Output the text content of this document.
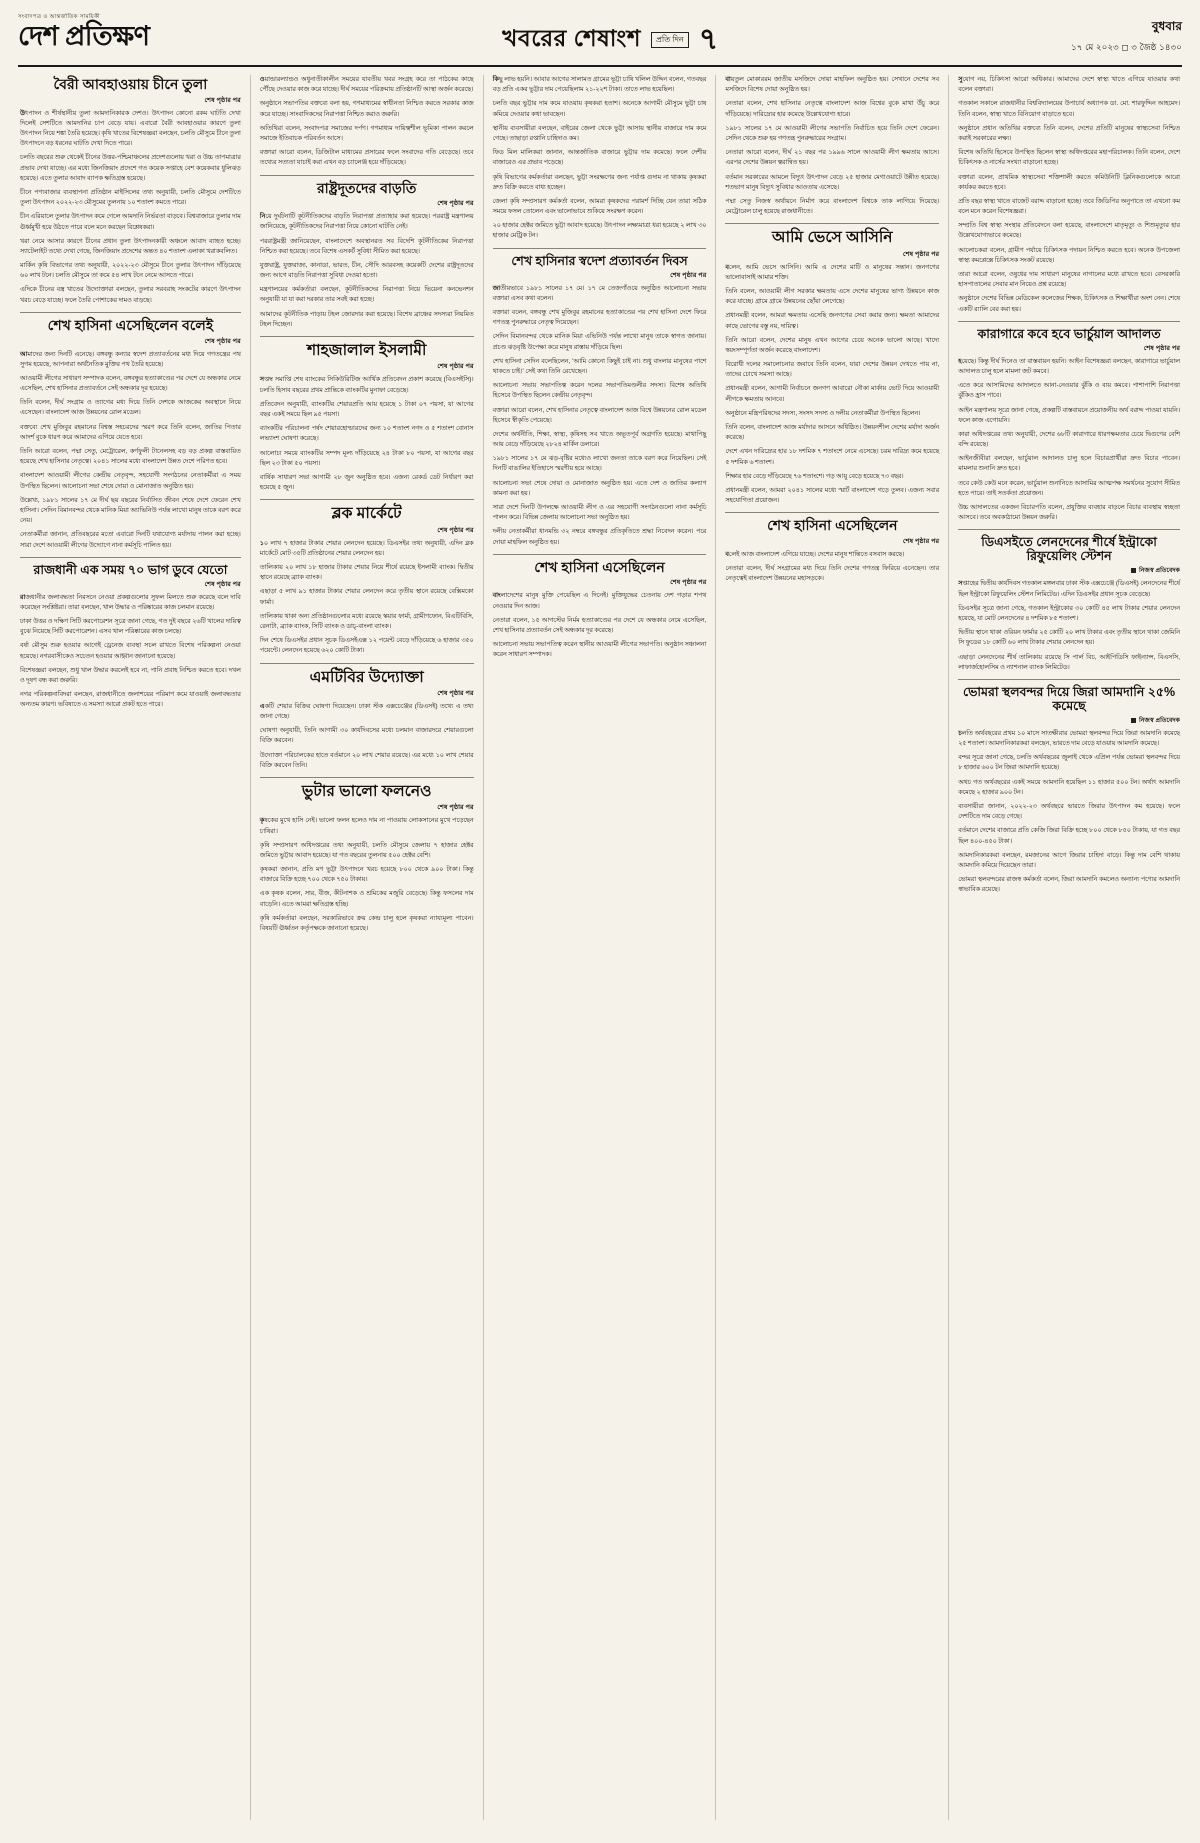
সংবাদপত্র ও আন্তর্জাতিক সাময়িকী
দেশ প্রতিক্ষণ	খবরের শেষাংশ	প্রতি দিন ৭	বুধবার
১৭ মে ২০২৩ ◻ ৩ জৈষ্ঠ ১৪৩০
বৈরী আবহাওয়ায় চীনে তুলা
শেষ পৃষ্ঠার পর

উৎপাদন ও শীর্ষস্থানীয় তুলা আমদানিকারক দেশও। উৎপাদন কোনো রকম ঘাটতি দেখা দিলেই সেশটিতে আমদানির চাপ বেড়ে যায়। এবারো বৈরী আবহাওয়ার কারণে তুলা উৎপাদন নিয়ে শঙ্কা তৈরি হয়েছে। কৃষি খাতের বিশেষজ্ঞরা বলছেন, চলতি মৌসুমে চীনে তুলা উৎপাদনে বড় ধরনের ঘাটতি দেখা দিতে পারে।

চলতি বছরের শুরু থেকেই চীনের উত্তর-পশ্চিমাঞ্চলের প্রদেশগুলোয় খরা ও উচ্চ তাপমাত্রার প্রভাব দেখা যাচ্ছে। এর মধ্যে জিনজিয়াং প্রদেশে গত কয়েক সপ্তাহে বেশ কয়েকবার ধুলিঝড় হয়েছে। এতে তুলার আবাদ ব্যাপক ক্ষতিগ্রস্ত হয়েছে।

চীনে পণ্যবাজার ব্যবস্থাপনা প্রতিষ্ঠান মাইসিলের তথ্য অনুযায়ী, চলতি মৌসুমে দেশটিতে তুলা উৎপাদন ২০২২-২৩ মৌসুমের তুলনায় ১০ শতাংশ কমতে পারে।

চীন এরিয়ালে তুলার উৎপাদন কমে গেলে আমদানি নির্ভরতা বাড়বে। বিশ্ববাজারে তুলার দাম ঊর্ধ্বমুখী হয়ে উঠতে পারে বলে মনে করছেন বিশ্লেষকরা।

খরা নেমে আসার কারণে চীনের প্রধান তুলা উৎপাদনকারী অঞ্চলে আবাদ ব্যাহত হচ্ছে। স্যাটেলাইট তথ্যে দেখা গেছে, জিনজিয়াং প্রদেশের অন্তত ৪০ শতাংশ এলাকা খরাকবলিত।

মার্কিন কৃষি বিভাগের তথ্য অনুযায়ী, ২০২২-২৩ মৌসুমে চীনে তুলার উৎপাদন দাঁড়িয়েছে ৬০ লাখ টনে। চলতি মৌসুমে তা কমে ৫৪ লাখ টনে নেমে আসতে পারে।

এদিকে চীনের বস্ত্র খাতের উদ্যোক্তারা বলছেন, তুলার সরবরাহ সংকটের কারণে উৎপাদন খরচ বেড়ে যাচ্ছে। ফলে তৈরি পোশাকের দামও বাড়ছে।

শেখ হাসিনা এসেছিলেন বলেই
শেষ পৃষ্ঠার পর

আমাদের জন্য দিনটি এনেছে। বঙ্গবন্ধু কন্যার স্বদেশ প্রত্যাবর্তনের মধ্য দিয়ে গণতন্ত্রের পথ সুগম হয়েছে, আপনারা অর্থনৈতিক মুক্তির পথ তৈরি হয়েছে।

আওয়ামী লীগের সাধারণ সম্পাদক বলেন, বঙ্গবন্ধুর হত্যাকাণ্ডের পর দেশে যে অন্ধকার নেমে এসেছিল, শেখ হাসিনার প্রত্যাবর্তনে সেই অন্ধকার দূর হয়েছে।

তিনি বলেন, দীর্ঘ সংগ্রাম ও ত্যাগের মধ্য দিয়ে তিনি দেশকে আজকের অবস্থানে নিয়ে এসেছেন। বাংলাদেশ আজ উন্নয়নের রোল মডেল।

বক্তব্যে শেখ মুজিবুর রহমানের বিশ্বস্ত সহচরদের স্মরণ করে তিনি বলেন, জাতির পিতার আদর্শ বুকে ধারণ করে আমাদের এগিয়ে যেতে হবে।

তিনি আরো বলেন, পদ্মা সেতু, মেট্রোরেল, কর্ণফুলী টানেলসহ বড় বড় প্রকল্প বাস্তবায়িত হয়েছে শেখ হাসিনার নেতৃত্বে। ২০৪১ সালের মধ্যে বাংলাদেশ উন্নত দেশে পরিণত হবে।

বাংলাদেশ আওয়ামী লীগের কেন্দ্রীয় নেতৃবৃন্দ, সহযোগী সংগঠনের নেতাকর্মীরা এ সময় উপস্থিত ছিলেন। আলোচনা সভা শেষে দোয়া ও মোনাজাত অনুষ্ঠিত হয়।

উল্লেখ্য, ১৯৮১ সালের ১৭ মে দীর্ঘ ছয় বছরের নির্বাসিত জীবন শেষে দেশে ফেরেন শেখ হাসিনা। সেদিন বিমানবন্দর থেকে মানিক মিয়া অ্যাভিনিউ পর্যন্ত লাখো মানুষ তাকে বরণ করে নেয়।

নেতাকর্মীরা জানান, প্রতিবছরের মতো এবারো দিনটি যথাযোগ্য মর্যাদায় পালন করা হচ্ছে। সারা দেশে আওয়ামী লীগের উদ্যোগে নানা কর্মসূচি পালিত হয়।

রাজধানী এক সময় ৭০ ভাগ ডুবে যেতো
শেষ পৃষ্ঠার পর

রাজধানীর জলাবদ্ধতা নিরসনে নেওয়া প্রকল্পগুলোর সুফল মিলতে শুরু করেছে বলে দাবি করেছেন সংশ্লিষ্টরা। তারা বলছেন, খাল উদ্ধার ও পরিষ্কারের কাজ চলমান রয়েছে।

ঢাকা উত্তর ও দক্ষিণ সিটি করপোরেশন সূত্রে জানা গেছে, গত দুই বছরে ২৬টি খালের দায়িত্ব বুঝে নিয়েছে সিটি করপোরেশন। এসব খাল পরিষ্কারের কাজ চলছে।

বর্ষা মৌসুম শুরু হওয়ার আগেই ড্রেনেজ ব্যবস্থা সচল রাখতে বিশেষ পরিকল্পনা নেওয়া হয়েছে। নগরবাসীকেও সচেতন হওয়ার আহ্বান জানানো হয়েছে।

বিশেষজ্ঞরা বলছেন, শুধু খাল উদ্ধার করলেই হবে না, পানি প্রবাহ নিশ্চিত করতে হবে। দখল ও দূষণ বন্ধ করা জরুরি।

নগর পরিকল্পনাবিদরা বলছেন, রাজধানীতে জলাশয়ের পরিমাণ কমে যাওয়াই জলাবদ্ধতার অন্যতম কারণ। ভবিষ্যতে এ সমস্যা আরো প্রকট হতে পারে।

ওয়ান্ডারল্যান্ডও অধুনাতীকালীন সময়ের যাবতীয় খবর সংগ্রহ করে তা পাঠকের কাছে পৌঁছে দেওয়ার কাজ করে যাচ্ছে। দীর্ঘ সময়ের পরিক্রমায় প্রতিষ্ঠানটি আস্থা অর্জন করেছে।

অনুষ্ঠানে সভাপতির বক্তব্যে বলা হয়, গণমাধ্যমের স্বাধীনতা নিশ্চিত করতে সরকার কাজ করে যাচ্ছে। সাংবাদিকদের নিরাপত্তা নিশ্চিত করাও জরুরি।

অতিথিরা বলেন, সংবাদপত্র সমাজের দর্পণ। গণমাধ্যম দায়িত্বশীল ভূমিকা পালন করলে সমাজে ইতিবাচক পরিবর্তন আসে।

বক্তারা আরো বলেন, ডিজিটাল মাধ্যমের প্রসারের ফলে সংবাদের গতি বেড়েছে। তবে তথ্যের সত্যতা যাচাই করা এখন বড় চ্যালেঞ্জ হয়ে দাঁড়িয়েছে।

রাষ্ট্রদূতদের বাড়তি
শেষ পৃষ্ঠার পর

নিয়ে দুর্ঘটনাটি কূটনীতিকদের বাড়তি নিরাপত্তা প্রত্যাহার করা হয়েছে। পররাষ্ট্র মন্ত্রণালয় জানিয়েছে, কূটনীতিকদের নিরাপত্তা নিয়ে কোনো ঘাটতি নেই।

পররাষ্ট্রমন্ত্রী জানিয়েছেন, বাংলাদেশে অবস্থানরত সব বিদেশি কূটনীতিকের নিরাপত্তা নিশ্চিত করা হয়েছে। তবে বিশেষ এসকর্ট সুবিধা সীমিত করা হয়েছে।

যুক্তরাষ্ট্র, যুক্তরাজ্য, কানাডা, ভারত, চীন, সৌদি আরবসহ কয়েকটি দেশের রাষ্ট্রদূতদের জন্য আগে বাড়তি নিরাপত্তা সুবিধা দেওয়া হতো।

মন্ত্রণালয়ের কর্মকর্তারা বলছেন, কূটনীতিকদের নিরাপত্তা নিয়ে ভিয়েনা কনভেনশন অনুযায়ী যা যা করা দরকার তার সবই করা হচ্ছে।

আমাদের কূটনীতিক পাড়ায় টহল জোরদার করা হয়েছে। বিশেষ ব্রাঞ্চের সদস্যরা নিয়মিত টহল দিচ্ছেন।

শাহজালাল ইসলামী
শেষ পৃষ্ঠার পর

সপ্তম্ব সমাপ্তি শেষ ব্যাংকের সিকিউরিটিজ আর্থিক প্রতিবেদন প্রকাশ করেছে (বিএসইসি)। চলতি হিসাব বছরের প্রথম প্রান্তিকে ব্যাংকটির মুনাফা বেড়েছে।

প্রতিবেদন অনুযায়ী, ব্যাংকটির শেয়ারপ্রতি আয় হয়েছে ১ টাকা ০৭ পয়সা, যা আগের বছর একই সময়ে ছিল ৯৫ পয়সা।

ব্যাংকটির পরিচালনা পর্ষদ শেয়ারহোল্ডারদের জন্য ১০ শতাংশ নগদ ও ৫ শতাংশ বোনাস লভ্যাংশ ঘোষণা করেছে।

আলোচ্য সময়ে ব্যাংকটির সম্পদ মূল্য দাঁড়িয়েছে ২৪ টাকা ৮০ পয়সা, যা আগের বছর ছিল ২৩ টাকা ৫০ পয়সা।

বার্ষিক সাধারণ সভা আগামী ২৮ জুন অনুষ্ঠিত হবে। এজন্য রেকর্ড ডেট নির্ধারণ করা হয়েছে ৫ জুন।

ব্লক মার্কেটে
শেষ পৃষ্ঠার পর

১০ লাখ ৭ হাজার টাকার শেয়ার লেনদেন হয়েছে। ডিএসইর তথ্য অনুযায়ী, এদিন ব্লক মার্কেটে মোট ৩৫টি প্রতিষ্ঠানের শেয়ার লেনদেন হয়।

তালিকায় ২০ লাখ ১৮ হাজার টাকার শেয়ার নিয়ে শীর্ষে রয়েছে ইসলামী ব্যাংক। দ্বিতীয় স্থানে রয়েছে ব্র্যাক ব্যাংক।

এছাড়া ৫ লাখ ৯১ হাজার টাকার শেয়ার লেনদেন করে তৃতীয় স্থানে রয়েছে বেক্সিমকো ফার্মা।

তালিকায় থাকা অন্য প্রতিষ্ঠানগুলোর মধ্যে রয়েছে স্কয়ার ফার্মা, গ্রামীণফোন, বিএটিবিসি, রেনাটা, ব্র্যাক ব্যাংক, সিটি ব্যাংক ও ডাচ্-বাংলা ব্যাংক।

দিন শেষে ডিএসইর প্রধান সূচক ডিএসইএক্স ১২ পয়েন্ট বেড়ে দাঁড়িয়েছে ৬ হাজার ৩৫০ পয়েন্টে। লেনদেন হয়েছে ৬২০ কোটি টাকা।

এমটিবির উদ্যোক্তা
শেষ পৃষ্ঠার পর

একটি শেয়ার বিক্রির ঘোষণা দিয়েছেন। ঢাকা স্টক এক্সচেঞ্জের (ডিএসই) তথ্যে এ তথ্য জানা গেছে।

ঘোষণা অনুযায়ী, তিনি আগামী ৩০ কার্যদিবসের মধ্যে চলমান বাজারদরে শেয়ারগুলো বিক্রি করবেন।

উদ্যোক্তা পরিচালকের হাতে বর্তমানে ২০ লাখ শেয়ার রয়েছে। এর মধ্যে ১০ লাখ শেয়ার বিক্রি করবেন তিনি।

ভুটার ভালো ফলনেও
শেষ পৃষ্ঠার পর

কৃষকের মুখে হাসি নেই। ভালো ফলন হলেও দাম না পাওয়ায় লোকসানের মুখে পড়েছেন চাষিরা।

কৃষি সম্প্রসারণ অধিদপ্তরের তথ্য অনুযায়ী, চলতি মৌসুমে জেলায় ৭ হাজার হেক্টর জমিতে ভুট্টার আবাদ হয়েছে। যা গত বছরের তুলনায় ৫০০ হেক্টর বেশি।

কৃষকরা জানান, প্রতি মণ ভুট্টা উৎপাদনে খরচ হয়েছে ৮০০ থেকে ৯০০ টাকা। কিন্তু বাজারে বিক্রি হচ্ছে ৭০০ থেকে ৭৫০ টাকায়।

এক কৃষক বলেন, সার, বীজ, কীটনাশক ও শ্রমিকের মজুরি বেড়েছে। কিন্তু ফসলের দাম বাড়েনি। এতে আমরা ক্ষতিগ্রস্ত হচ্ছি।

কৃষি কর্মকর্তারা বলছেন, সরকারিভাবে ক্রয় কেন্দ্র চালু হলে কৃষকরা ন্যায্যমূল্য পাবেন। বিষয়টি ঊর্ধ্বতন কর্তৃপক্ষকে জানানো হয়েছে।

কিছু লাভ হয়নি। আবার আগের সালামত গ্রামের ভূট্টা চাষি খলিল উদ্দিন বলেন, গতবছর বড় প্রতি একর ভুট্টার দাম পেয়েছিলাম ২১-২২শ টাকা। তাতে লাভ হয়েছিল।

চলতি বছর ভুট্টার দাম কমে যাওয়ায় কৃষকরা হতাশ। অনেকে আগামী মৌসুমে ভুট্টা চাষ কমিয়ে দেওয়ার কথা ভাবছেন।

স্থানীয় ব্যবসায়ীরা বলছেন, বাইরের জেলা থেকে ভুট্টা আসায় স্থানীয় বাজারে দাম কমে গেছে। তাছাড়া রপ্তানি চাহিদাও কম।

ফিড মিল মালিকরা জানান, আন্তর্জাতিক বাজারে ভুট্টার দাম কমেছে। ফলে দেশীয় বাজারেও এর প্রভাব পড়েছে।

কৃষি বিভাগের কর্মকর্তারা বলছেন, ভুট্টা সংরক্ষণের জন্য পর্যাপ্ত গুদাম না থাকায় কৃষকরা দ্রুত বিক্রি করতে বাধ্য হচ্ছেন।

জেলা কৃষি সম্প্রসারণ কর্মকর্তা বলেন, আমরা কৃষকদের পরামর্শ দিচ্ছি যেন তারা সঠিক সময়ে ফসল তোলেন এবং ভালোভাবে শুকিয়ে সংরক্ষণ করেন।

২০ হাজার হেক্টর জমিতে ভুট্টা আবাদ হয়েছে। উৎপাদন লক্ষ্যমাত্রা ধরা হয়েছে ২ লাখ ৩০ হাজার মেট্রিক টন।

শেখ হাসিনার স্বদেশ প্রত্যাবর্তন দিবস
শেষ পৃষ্ঠার পর

জাতীয়ভাবে ১৯৮১ সালের ১৭ মে। ১৭ মে তেজগাঁওয়ে অনুষ্ঠিত আলোচনা সভায় বক্তারা এসব কথা বলেন।

বক্তারা বলেন, বঙ্গবন্ধু শেখ মুজিবুর রহমানের হত্যাকাণ্ডের পর শেখ হাসিনা দেশে ফিরে গণতন্ত্র পুনরুদ্ধারে নেতৃত্ব দিয়েছেন।

সেদিন বিমানবন্দর থেকে মানিক মিয়া এভিনিউ পর্যন্ত লাখো মানুষ তাকে স্বাগত জানায়। প্রচণ্ড ঝড়বৃষ্টি উপেক্ষা করে মানুষ রাস্তায় দাঁড়িয়ে ছিল।

শেখ হাসিনা সেদিন বলেছিলেন, 'আমি কোনো কিছুই চাই না। শুধু বাংলার মানুষের পাশে থাকতে চাই।' সেই কথা তিনি রেখেছেন।

আলোচনা সভায় সভাপতিত্ব করেন দলের সভাপতিমণ্ডলীর সদস্য। বিশেষ অতিথি হিসেবে উপস্থিত ছিলেন কেন্দ্রীয় নেতৃবৃন্দ।

বক্তারা আরো বলেন, শেখ হাসিনার নেতৃত্বে বাংলাদেশ আজ বিশ্বে উন্নয়নের রোল মডেল হিসেবে স্বীকৃতি পেয়েছে।

দেশের অর্থনীতি, শিক্ষা, স্বাস্থ্য, কৃষিসহ সব খাতে অভূতপূর্ব অগ্রগতি হয়েছে। মাথাপিছু আয় বেড়ে দাঁড়িয়েছে ২৮২৪ মার্কিন ডলারে।

১৯৮১ সালের ১৭ মে ঝড়-বৃষ্টির মধ্যেও লাখো জনতা তাকে বরণ করে নিয়েছিল। সেই দিনটি বাঙালির ইতিহাসে স্মরণীয় হয়ে আছে।

আলোচনা সভা শেষে দোয়া ও মোনাজাত অনুষ্ঠিত হয়। এতে দেশ ও জাতির কল্যাণ কামনা করা হয়।

সারা দেশে দিনটি উপলক্ষে আওয়ামী লীগ ও এর সহযোগী সংগঠনগুলো নানা কর্মসূচি পালন করে। বিভিন্ন জেলায় আলোচনা সভা অনুষ্ঠিত হয়।

দলীয় নেতাকর্মীরা ধানমন্ডি ৩২ নম্বরে বঙ্গবন্ধুর প্রতিকৃতিতে শ্রদ্ধা নিবেদন করেন। পরে দোয়া মাহফিল অনুষ্ঠিত হয়।

শেখ হাসিনা এসেছিলেন
শেষ পৃষ্ঠার পর

বাংলাদেশের মানুষ মুক্তি পেয়েছিল এ দিনেই। মুক্তিযুদ্ধের চেতনায় দেশ গড়ার শপথ নেওয়ার দিন আজ।

নেতারা বলেন, ১৫ আগস্টের নির্মম হত্যাকাণ্ডের পর দেশে যে অন্ধকার নেমে এসেছিল, শেখ হাসিনার প্রত্যাবর্তন সেই অন্ধকার দূর করেছে।

আলোচনা সভায় সভাপতিত্ব করেন স্থানীয় আওয়ামী লীগের সভাপতি। অনুষ্ঠান সঞ্চালনা করেন সাধারণ সম্পাদক।

বায়তুল মোকাররম জাতীয় মসজিদে দোয়া মাহফিল অনুষ্ঠিত হয়। সেখানে দেশের সব মসজিদে বিশেষ দোয়া অনুষ্ঠিত হয়।

নেতারা বলেন, শেখ হাসিনার নেতৃত্বে বাংলাদেশ আজ বিশ্বের বুকে মাথা উঁচু করে দাঁড়িয়েছে। দারিদ্র্যের হার কমেছে উল্লেখযোগ্য হারে।

১৯৮১ সালের ১৭ মে আওয়ামী লীগের সভাপতি নির্বাচিত হয়ে তিনি দেশে ফেরেন। সেদিন থেকে শুরু হয় গণতন্ত্র পুনরুদ্ধারের সংগ্রাম।

নেতারা আরো বলেন, দীর্ঘ ২১ বছর পর ১৯৯৬ সালে আওয়ামী লীগ ক্ষমতায় আসে। এরপর দেশের উন্নয়ন ত্বরান্বিত হয়।

বর্তমান সরকারের আমলে বিদ্যুৎ উৎপাদন বেড়ে ২৫ হাজার মেগাওয়াটে উন্নীত হয়েছে। শতভাগ মানুষ বিদ্যুৎ সুবিধার আওতায় এসেছে।

পদ্মা সেতু নিজস্ব অর্থায়নে নির্মাণ করে বাংলাদেশ বিশ্বকে তাক লাগিয়ে দিয়েছে। মেট্রোরেল চালু হয়েছে রাজধানীতে।

আমি ভেসে আসিনি
শেষ পৃষ্ঠার পর

বলেন, আমি ভেসে আসিনি। আমি এ দেশের মাটি ও মানুষের সন্তান। জনগণের ভালোবাসাই আমার শক্তি।

তিনি বলেন, আওয়ামী লীগ সরকার ক্ষমতায় এসে দেশের মানুষের ভাগ্য উন্নয়নে কাজ করে যাচ্ছে। গ্রামে গ্রামে উন্নয়নের ছোঁয়া লেগেছে।

প্রধানমন্ত্রী বলেন, আমরা ক্ষমতায় এসেছি জনগণের সেবা করার জন্য। ক্ষমতা আমাদের কাছে ভোগের বস্তু নয়, দায়িত্ব।

তিনি আরো বলেন, দেশের মানুষ এখন আগের চেয়ে অনেক ভালো আছে। খাদ্যে স্বয়ংসম্পূর্ণতা অর্জন করেছে বাংলাদেশ।

বিরোধী দলের সমালোচনার জবাবে তিনি বলেন, যারা দেশের উন্নয়ন দেখতে পায় না, তাদের চোখে সমস্যা আছে।

প্রধানমন্ত্রী বলেন, আগামী নির্বাচনে জনগণ আবারো নৌকা মার্কায় ভোট দিয়ে আওয়ামী লীগকে ক্ষমতায় আনবে।

অনুষ্ঠানে মন্ত্রিপরিষদের সদস্য, সংসদ সদস্য ও দলীয় নেতাকর্মীরা উপস্থিত ছিলেন।

তিনি বলেন, বাংলাদেশ আজ মর্যাদার আসনে অধিষ্ঠিত। উন্নয়নশীল দেশের মর্যাদা অর্জন করেছে।

দেশে এখন দারিদ্র্যের হার ১৮ দশমিক ৭ শতাংশে নেমে এসেছে। চরম দারিদ্র্য কমে হয়েছে ৫ দশমিক ৬ শতাংশ।

শিক্ষার হার বেড়ে দাঁড়িয়েছে ৭৬ শতাংশে। গড় আয়ু বেড়ে হয়েছে ৭৩ বছর।

প্রধানমন্ত্রী বলেন, আমরা ২০৪১ সালের মধ্যে স্মার্ট বাংলাদেশ গড়ে তুলব। এজন্য সবার সহযোগিতা প্রয়োজন।

শেখ হাসিনা এসেছিলেন
শেষ পৃষ্ঠার পর

বলেই আজ বাংলাদেশ এগিয়ে যাচ্ছে। দেশের মানুষ শান্তিতে বসবাস করছে।

নেতারা বলেন, দীর্ঘ সংগ্রামের মধ্য দিয়ে তিনি দেশের গণতন্ত্র ফিরিয়ে এনেছেন। তার নেতৃত্বেই বাংলাদেশ উন্নয়নের মহাসড়কে।

সুযোগ নয়, চিকিৎসা আরো অধিকার। আমাদের দেশে স্বাস্থ্য খাতে এগিয়ে যাওয়ার কথা বলেন বক্তারা।

গতকাল সকালে রাজধানীর বিশ্ববিদ্যালয়ের উপাচার্য অধ্যাপক ডা. মো. শারফুদ্দিন আহমেদ। তিনি বলেন, স্বাস্থ্য খাতে বিনিয়োগ বাড়াতে হবে।

অনুষ্ঠানে প্রধান অতিথির বক্তব্যে তিনি বলেন, দেশের প্রতিটি মানুষের স্বাস্থ্যসেবা নিশ্চিত করাই সরকারের লক্ষ্য।

বিশেষ অতিথি হিসেবে উপস্থিত ছিলেন স্বাস্থ্য অধিদপ্তরের মহাপরিচালক। তিনি বলেন, দেশে চিকিৎসক ও নার্সের সংখ্যা বাড়ানো হচ্ছে।

বক্তারা বলেন, প্রাথমিক স্বাস্থ্যসেবা শক্তিশালী করতে কমিউনিটি ক্লিনিকগুলোকে আরো কার্যকর করতে হবে।

প্রতি বছর স্বাস্থ্য খাতে বাজেট বরাদ্দ বাড়ানো হচ্ছে। তবে জিডিপির অনুপাতে তা এখনো কম বলে মনে করেন বিশেষজ্ঞরা।

সম্প্রতি বিশ্ব স্বাস্থ্য সংস্থার প্রতিবেদনে বলা হয়েছে, বাংলাদেশে মাতৃমৃত্যু ও শিশুমৃত্যুর হার উল্লেখযোগ্যভাবে কমেছে।

আলোচকরা বলেন, গ্রামীণ পর্যায়ে চিকিৎসক পদায়ন নিশ্চিত করতে হবে। অনেক উপজেলা স্বাস্থ্য কমপ্লেক্সে চিকিৎসক সংকট রয়েছে।

তারা আরো বলেন, ওষুধের দাম সাধারণ মানুষের নাগালের মধ্যে রাখতে হবে। বেসরকারি হাসপাতালের সেবার মান নিয়েও প্রশ্ন রয়েছে।

অনুষ্ঠানে দেশের বিভিন্ন মেডিকেল কলেজের শিক্ষক, চিকিৎসক ও শিক্ষার্থীরা অংশ নেন। শেষে একটি র‍্যালি বের করা হয়।

কারাগারে কবে হবে ভার্চুয়াল আদালত
শেষ পৃষ্ঠার পর

হয়েছে। কিন্তু দীর্ঘ দিনেও তা বাস্তবায়ন হয়নি। আইন বিশেষজ্ঞরা বলছেন, কারাগারে ভার্চুয়াল আদালত চালু হলে মামলা জট কমবে।

এতে করে আসামিদের আদালতে আনা-নেওয়ার ঝুঁকি ও ব্যয় কমবে। পাশাপাশি নিরাপত্তা ঝুঁকিও হ্রাস পাবে।

আইন মন্ত্রণালয় সূত্রে জানা গেছে, প্রকল্পটি বাস্তবায়নে প্রয়োজনীয় অর্থ বরাদ্দ পাওয়া যায়নি। ফলে কাজ এগোয়নি।

কারা অধিদপ্তরের তথ্য অনুযায়ী, দেশের ৬৮টি কারাগারে ধারণক্ষমতার চেয়ে দ্বিগুণের বেশি বন্দি রয়েছে।

আইনজীবীরা বলছেন, ভার্চুয়াল আদালত চালু হলে বিচারপ্রার্থীরা দ্রুত বিচার পাবেন। মামলার শুনানি দ্রুত হবে।

তবে কেউ কেউ মনে করেন, ভার্চুয়াল শুনানিতে আসামির আত্মপক্ষ সমর্থনের সুযোগ সীমিত হতে পারে। তাই সতর্কতা প্রয়োজন।

উচ্চ আদালতের একজন বিচারপতি বলেন, প্রযুক্তির ব্যবহার বাড়লে বিচার ব্যবস্থায় স্বচ্ছতা আসবে। তবে অবকাঠামো উন্নয়ন জরুরি।

ডিএসইতে লেনদেনের শীর্ষে ইন্ট্রাকো রিফুয়েলিং স্টেশন
নিজস্ব প্রতিবেদক

সপ্তাহের দ্বিতীয় কার্যদিবস গতকাল মঙ্গলবার ঢাকা স্টক এক্সচেঞ্জে (ডিএসই) লেনদেনের শীর্ষে ছিল ইন্ট্রাকো রিফুয়েলিং স্টেশন লিমিটেড। এদিন ডিএসইর প্রধান সূচক বেড়েছে।

ডিএসইর সূত্রে জানা গেছে, গতকাল ইন্ট্রাকোর ৩০ কোটি ৪৫ লাখ টাকার শেয়ার লেনদেন হয়েছে, যা মোট লেনদেনের ৪ দশমিক ৮৫ শতাংশ।

দ্বিতীয় স্থানে থাকা ওরিয়ন ফার্মার ২৫ কোটি ২০ লাখ টাকার এবং তৃতীয় স্থানে থাকা জেমিনি সি ফুডের ১৮ কোটি ৬০ লাখ টাকার শেয়ার লেনদেন হয়।

এছাড়া লেনদেনের শীর্ষ তালিকায় রয়েছে সি পার্ল বিচ, আইপিডিসি ফাইন্যান্স, বিএসসি, লাফার্জহোলসিম ও ন্যাশনাল ব্যাংক লিমিটেড।

ভোমরা স্থলবন্দর দিয়ে জিরা আমদানি ২৫% কমেছে
নিজস্ব প্রতিবেদক

চলতি অর্থবছরের প্রথম ১০ মাসে সাতক্ষীরার ভোমরা স্থলবন্দর দিয়ে জিরা আমদানি কমেছে ২৫ শতাংশ। আমদানিকারকরা বলছেন, ভারতে দাম বেড়ে যাওয়ায় আমদানি কমেছে।

বন্দর সূত্রে জানা গেছে, চলতি অর্থবছরের জুলাই থেকে এপ্রিল পর্যন্ত ভোমরা স্থলবন্দর দিয়ে ৮ হাজার ৬০০ টন জিরা আমদানি হয়েছে।

অথচ গত অর্থবছরের একই সময়ে আমদানি হয়েছিল ১১ হাজার ৫০০ টন। অর্থাৎ আমদানি কমেছে ২ হাজার ৯০০ টন।

ব্যবসায়ীরা জানান, ২০২২-২৩ অর্থবছরে ভারতে জিরার উৎপাদন কম হয়েছে। ফলে দেশটিতে দাম বেড়ে গেছে।

বর্তমানে দেশের বাজারে প্রতি কেজি জিরা বিক্রি হচ্ছে ৮০০ থেকে ৮৫০ টাকায়, যা গত বছর ছিল ৪০০-৪৫০ টাকা।

আমদানিকারকরা বলছেন, রমজানের আগে জিরার চাহিদা বাড়ে। কিন্তু দাম বেশি থাকায় আমদানি কমিয়ে দিয়েছেন তারা।

ভোমরা স্থলবন্দরের রাজস্ব কর্মকর্তা বলেন, জিরা আমদানি কমলেও অন্যান্য পণ্যের আমদানি স্বাভাবিক রয়েছে।
